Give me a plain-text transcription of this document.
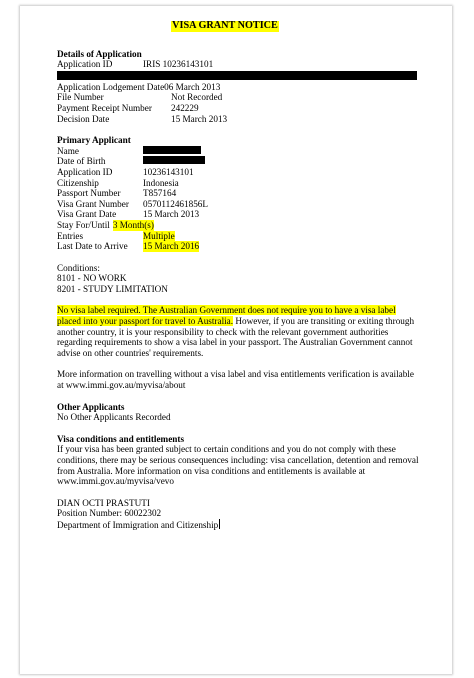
VISA GRANT NOTICE
Details of Application
Application ID	IRIS 10236143101
Application Lodgement Date 06 March 2013
File Number	Not Recorded
Payment Receipt Number	242229
Decision Date	15 March 2013
Primary Applicant
Name
Date of Birth
Application ID	10236143101
Citizenship	Indonesia
Passport Number	T857164
Visa Grant Number	0570112461856L
Visa Grant Date	15 March 2013
Stay For/Until 3 Month(s)
Entries	Multiple
Last Date to Arrive	15 March 2016
Conditions:
8101 - NO WORK
8201 - STUDY LIMITATION

No visa label required. The Australian Government does not require you to have a visa label placed into your passport for travel to Australia. However, if you are transiting or exiting through another country, it is your responsibility to check with the relevant government authorities regarding requirements to show a visa label in your passport. The Australian Government cannot advise on other countries' requirements.

More information on travelling without a visa label and visa entitlements verification is available at www.immi.gov.au/myvisa/about

Other Applicants
No Other Applicants Recorded
Visa conditions and entitlements

If your visa has been granted subject to certain conditions and you do not comply with these conditions, there may be serious consequences including: visa cancellation, detention and removal from Australia. More information on visa conditions and entitlements is available at www.immi.gov.au/myvisa/vevo

DIAN OCTI PRASTUTI
Position Number: 60022302
Department of Immigration and Citizenship
